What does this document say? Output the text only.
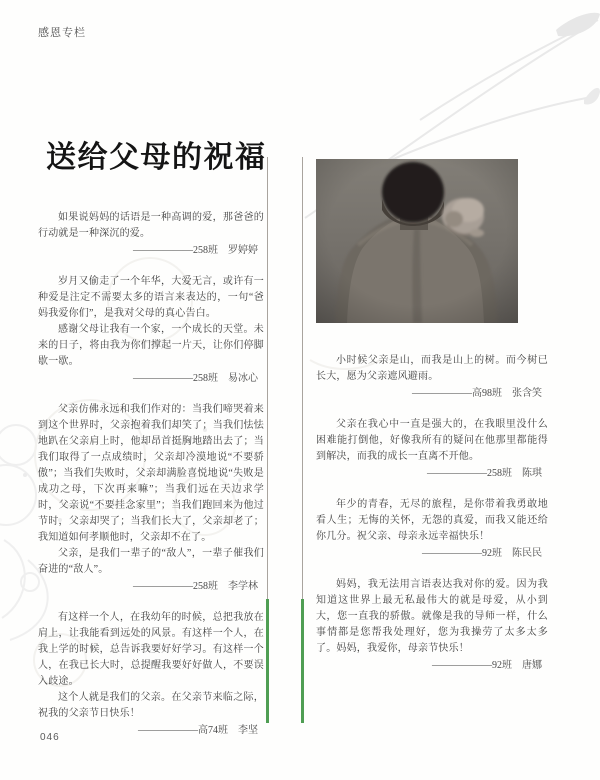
感恩专栏
送给父母的祝福

如果说妈妈的话语是一种高调的爱，那爸爸的行动就是一种深沉的爱。

——————258班　罗婷婷

岁月又偷走了一个年华，大爱无言，或许有一种爱是注定不需要太多的语言来表达的，一句“爸妈我爱你们”，是我对父母的真心告白。

感谢父母让我有一个家，一个成长的天堂。未来的日子，将由我为你们撑起一片天，让你们停脚歇一歇。

——————258班　易冰心

父亲仿佛永远和我们作对的：当我们啼哭着来到这个世界时，父亲抱着我们却笑了；当我们怯怯地趴在父亲肩上时，他却昂首挺胸地踏出去了；当我们取得了一点成绩时，父亲却冷漠地说“不要骄傲”；当我们失败时，父亲却满脸喜悦地说“失败是成功之母，下次再来嘛”；当我们远在天边求学时，父亲说“不要挂念家里”；当我们跑回来为他过节时，父亲却哭了；当我们长大了，父亲却老了；我知道如何孝顺他时，父亲却不在了。

父亲，是我们一辈子的“敌人”，一辈子催我们奋进的“敌人”。

——————258班　李学林

有这样一个人，在我幼年的时候，总把我放在肩上，让我能看到远处的风景。有这样一个人，在我上学的时候，总告诉我要好好学习。有这样一个人，在我已长大时，总提醒我要好好做人，不要误入歧途。

这个人就是我们的父亲。在父亲节来临之际，祝我的父亲节日快乐！

——————高74班　李坚

小时候父亲是山，而我是山上的树。而今树已长大，愿为父亲遮风避雨。

——————高98班　张含笑

父亲在我心中一直是强大的，在我眼里没什么困难能打倒他，好像我所有的疑问在他那里都能得到解决，而我的成长一直离不开他。

——————258班　陈琪

年少的青春，无尽的旅程，是你带着我勇敢地看人生；无悔的关怀，无怨的真爱，而我又能还给你几分。祝父亲、母亲永远幸福快乐！

——————92班　陈民民

妈妈，我无法用言语表达我对你的爱。因为我知道这世界上最无私最伟大的就是母爱，从小到大，您一直我的骄傲。就像是我的导师一样，什么事情都是您帮我处理好，您为我操劳了太多太多了。妈妈，我爱你，母亲节快乐！

——————92班　唐娜

046
